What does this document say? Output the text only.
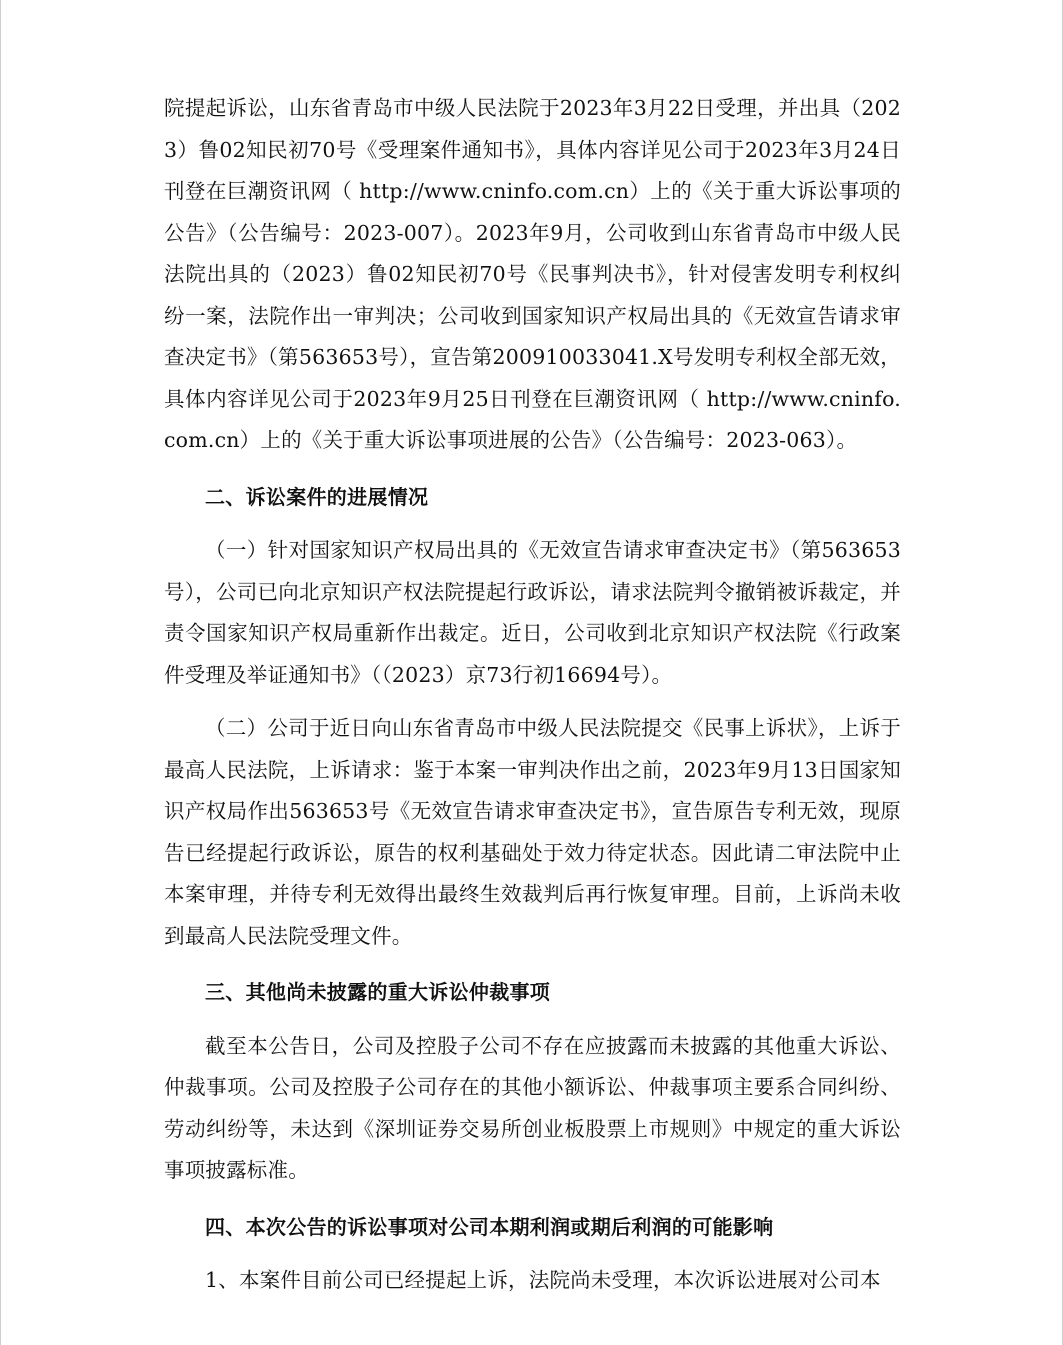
院提起诉讼，山东省青岛市中级人民法院于2023年3月22日受理，并出具（2023）鲁02知民初70号《受理案件通知书》，具体内容详见公司于2023年3月24日刊登在巨潮资讯网（ http://www.cninfo.com.cn）上的《关于重大诉讼事项的公告》（公告编号：2023-007）。2023年9月，公司收到山东省青岛市中级人民法院出具的（2023）鲁02知民初70号《民事判决书》，针对侵害发明专利权纠纷一案，法院作出一审判决；公司收到国家知识产权局出具的《无效宣告请求审查决定书》（第563653号），宣告第200910033041.X号发明专利权全部无效，具体内容详见公司于2023年9月25日刊登在巨潮资讯网（ http://www.cninfo.com.cn）上的《关于重大诉讼事项进展的公告》（公告编号：2023-063）。

二、诉讼案件的进展情况

（一）针对国家知识产权局出具的《无效宣告请求审查决定书》（第563653号），公司已向北京知识产权法院提起行政诉讼，请求法院判令撤销被诉裁定，并责令国家知识产权局重新作出裁定。近日，公司收到北京知识产权法院《行政案件受理及举证通知书》（（2023）京73行初16694号）。

（二）公司于近日向山东省青岛市中级人民法院提交《民事上诉状》，上诉于最高人民法院，上诉请求：鉴于本案一审判决作出之前，2023年9月13日国家知识产权局作出563653号《无效宣告请求审查决定书》，宣告原告专利无效，现原告已经提起行政诉讼，原告的权利基础处于效力待定状态。因此请二审法院中止本案审理，并待专利无效得出最终生效裁判后再行恢复审理。目前，上诉尚未收到最高人民法院受理文件。

三、其他尚未披露的重大诉讼仲裁事项

截至本公告日，公司及控股子公司不存在应披露而未披露的其他重大诉讼、仲裁事项。公司及控股子公司存在的其他小额诉讼、仲裁事项主要系合同纠纷、劳动纠纷等，未达到《深圳证券交易所创业板股票上市规则》中规定的重大诉讼事项披露标准。

四、本次公告的诉讼事项对公司本期利润或期后利润的可能影响

1、本案件目前公司已经提起上诉，法院尚未受理，本次诉讼进展对公司本
